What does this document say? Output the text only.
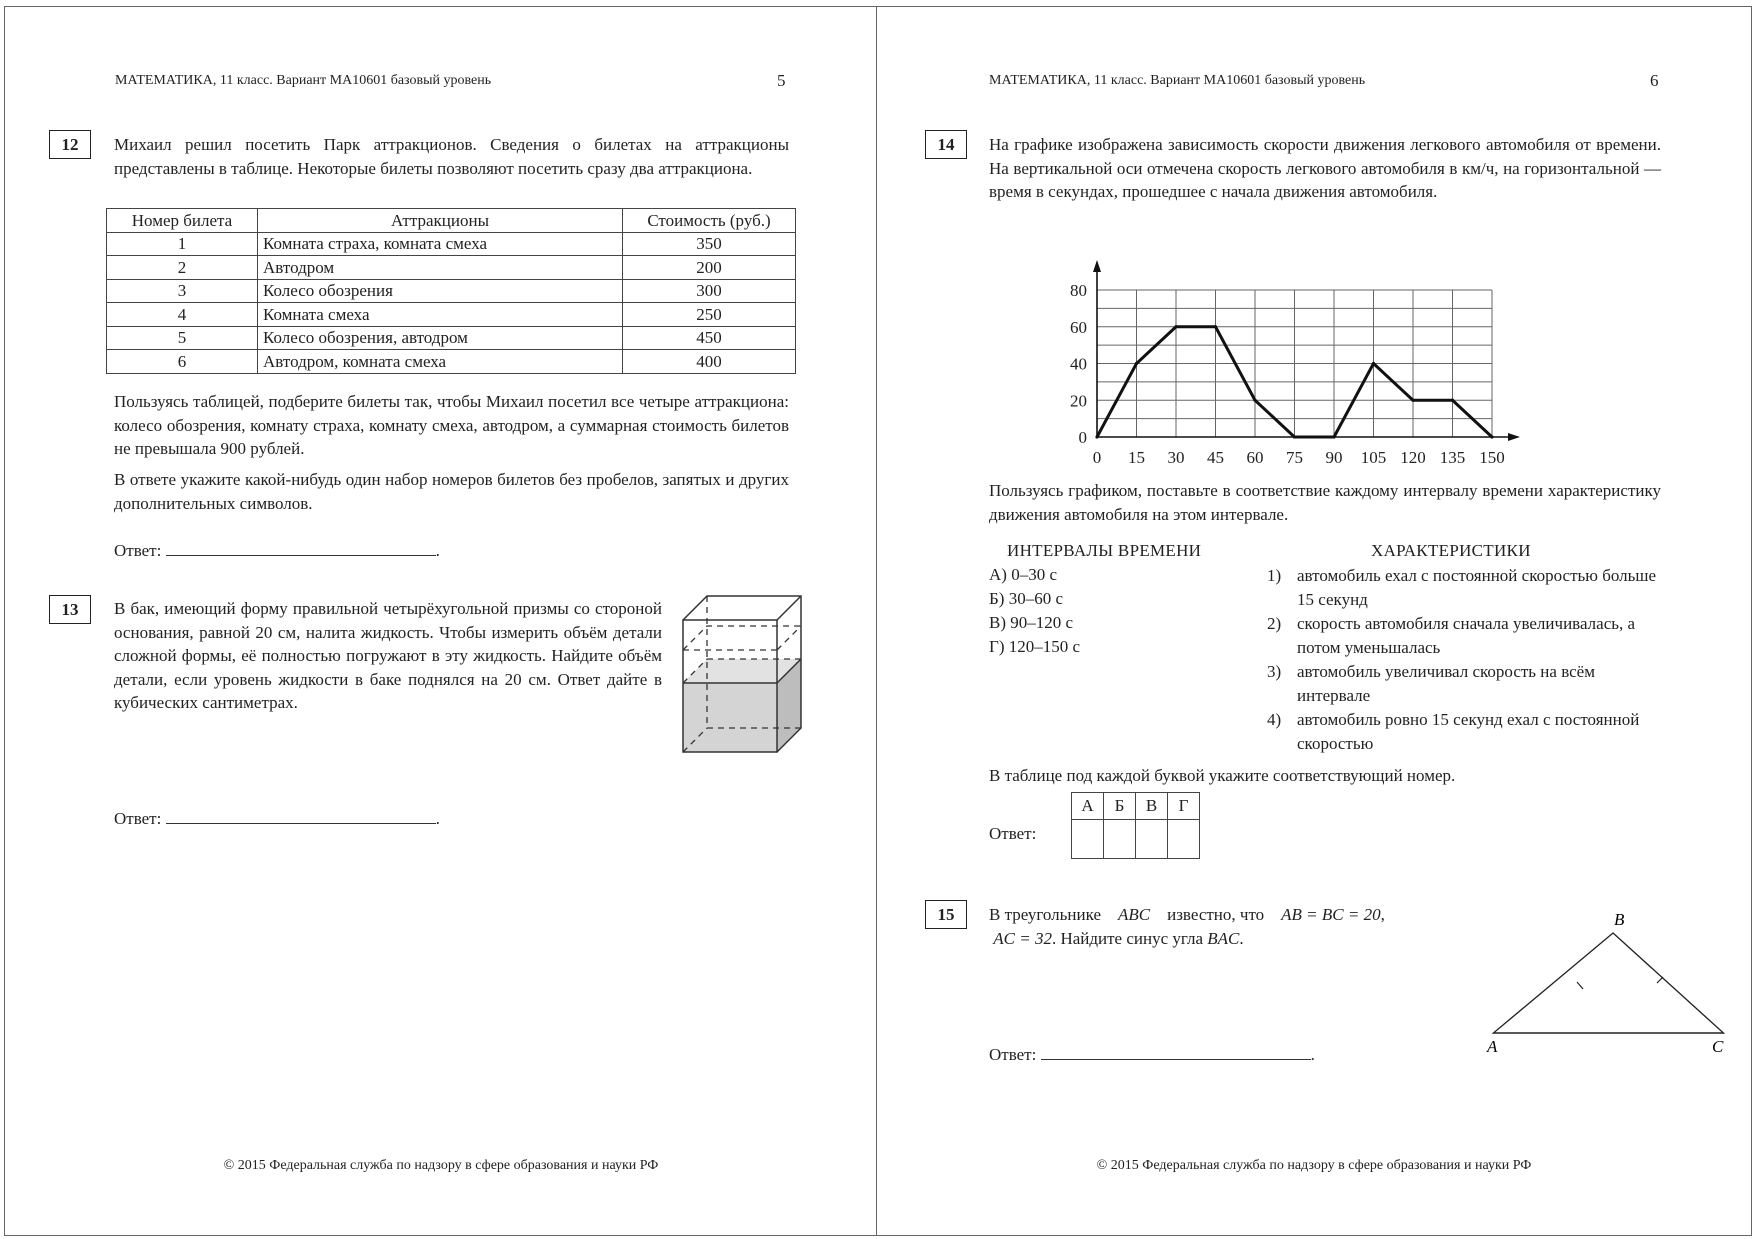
МАТЕМАТИКА, 11 класс. Вариант МА10601 базовый уровень	5
12	Михаил решил посетить Парк аттракционов. Сведения о билетах на аттракционы представлены в таблице. Некоторые билеты позволяют посетить сразу два аттракциона.

Номер билета	Аттракционы	Стоимость (руб.)
1	Комната страха, комната смеха	350
2	Автодром	200
3	Колесо обозрения	300
4	Комната смеха	250
5	Колесо обозрения, автодром	450
6	Автодром, комната смеха	400

Пользуясь таблицей, подберите билеты так, чтобы Михаил посетил все четыре аттракциона: колесо обозрения, комнату страха, комнату смеха, автодром, а суммарная стоимость билетов не превышала 900 рублей.

В ответе укажите какой-нибудь один набор номеров билетов без пробелов, запятых и других дополнительных символов.

Ответ:	.
13	В бак, имеющий форму правильной четырёхугольной призмы со стороной основания, равной 20 см, налита жидкость. Чтобы измерить объём детали сложной формы, её полностью погружают в эту жидкость. Найдите объём детали, если уровень жидкости в баке поднялся на 20 см. Ответ дайте в кубических сантиметрах.

Ответ:	.
© 2015 Федеральная служба по надзору в сфере образования и науки РФ
МАТЕМАТИКА, 11 класс. Вариант МА10601 базовый уровень	6
14	На графике изображена зависимость скорости движения легкового автомобиля от времени. На вертикальной оси отмечена скорость легкового автомобиля в км/ч, на горизонтальной — время в секундах, прошедшее с начала движения автомобиля.

0 15 30 45 60 75 90 105 120 135 150
0
20
40
60
80

Пользуясь графиком, поставьте в соответствие каждому интервалу времени характеристику движения автомобиля на этом интервале.

ИНТЕРВАЛЫ ВРЕМЕНИ	ХАРАКТЕРИСТИКИ
А) 0–30 с
Б) 30–60 с
В) 90–120 с
Г) 120–150 с
1) автомобиль ехал с постоянной скоростью больше 15 секунд
2) скорость автомобиля сначала увеличивалась, а потом уменьшалась
3) автомобиль увеличивал скорость на всём интервале
4) автомобиль ровно 15 секунд ехал с постоянной скоростью

В таблице под каждой буквой укажите соответствующий номер.

Ответ:
А	Б	В	Г

15	В треугольнике ABC известно, что AB = BC = 20,
AC = 32. Найдите синус угла BAC.
A
B
C
Ответ:	.
© 2015 Федеральная служба по надзору в сфере образования и науки РФ
